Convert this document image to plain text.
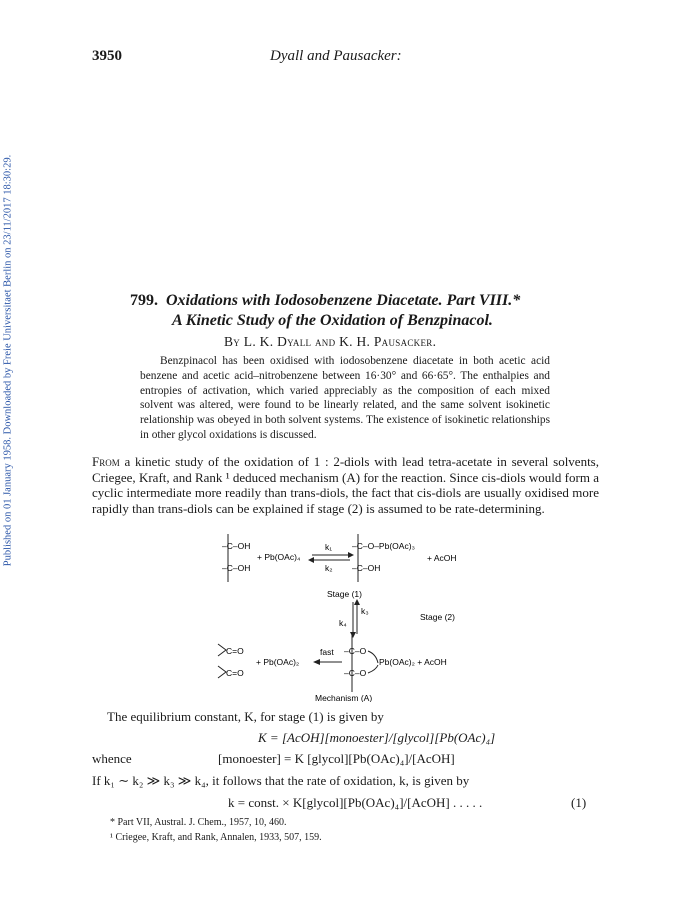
Published on 01 January 1958. Downloaded by Freie Universitaet Berlin on 23/11/2017 18:30:29.
3950	Dyall and Pausacker:
799. Oxidations with Iodosobenzene Diacetate. Part VIII.*
A Kinetic Study of the Oxidation of Benzpinacol.
By L. K. Dyall and K. H. Pausacker.
Benzpinacol has been oxidised with iodosobenzene diacetate in both acetic acid benzene and acetic acid–nitrobenzene between 16·30° and 66·65°. The enthalpies and entropies of activation, which varied appreciably as the composition of each mixed solvent was altered, were found to be linearly related, and the same solvent isokinetic relationship was obeyed in both solvent systems. The existence of isokinetic relationships in other glycol oxidations is discussed.
From a kinetic study of the oxidation of 1 : 2-diols with lead tetra-acetate in several solvents, Criegee, Kraft, and Rank ¹ deduced mechanism (A) for the reaction. Since cis-diols would form a cyclic intermediate more readily than trans-diols, the fact that cis-diols are usually oxidised more rapidly than trans-diols can be explained if stage (2) is assumed to be rate-determining.
–C–OH
–C–OH
+ Pb(OAc)₄
k₁
k₂
–C–O–Pb(OAc)₃
–C–OH
+ AcOH
Stage (1)
k₃
k₄
Stage (2)
C=O
C=O
+ Pb(OAc)₂
fast –C–O
–C–O
Pb(OAc)₂ + AcOH
Mechanism (A)
The equilibrium constant, K, for stage (1) is given by
K = [AcOH][monoester]/[glycol][Pb(OAc)₄]
whence	[monoester] = K [glycol][Pb(OAc)₄]/[AcOH]
If k₁ ∼ k₂ ≫ k₃ ≫ k₄, it follows that the rate of oxidation, k, is given by
k = const. × K[glycol][Pb(OAc)₄]/[AcOH] . . . . .	(1)
* Part VII, Austral. J. Chem., 1957, 10, 460.
¹ Criegee, Kraft, and Rank, Annalen, 1933, 507, 159.
